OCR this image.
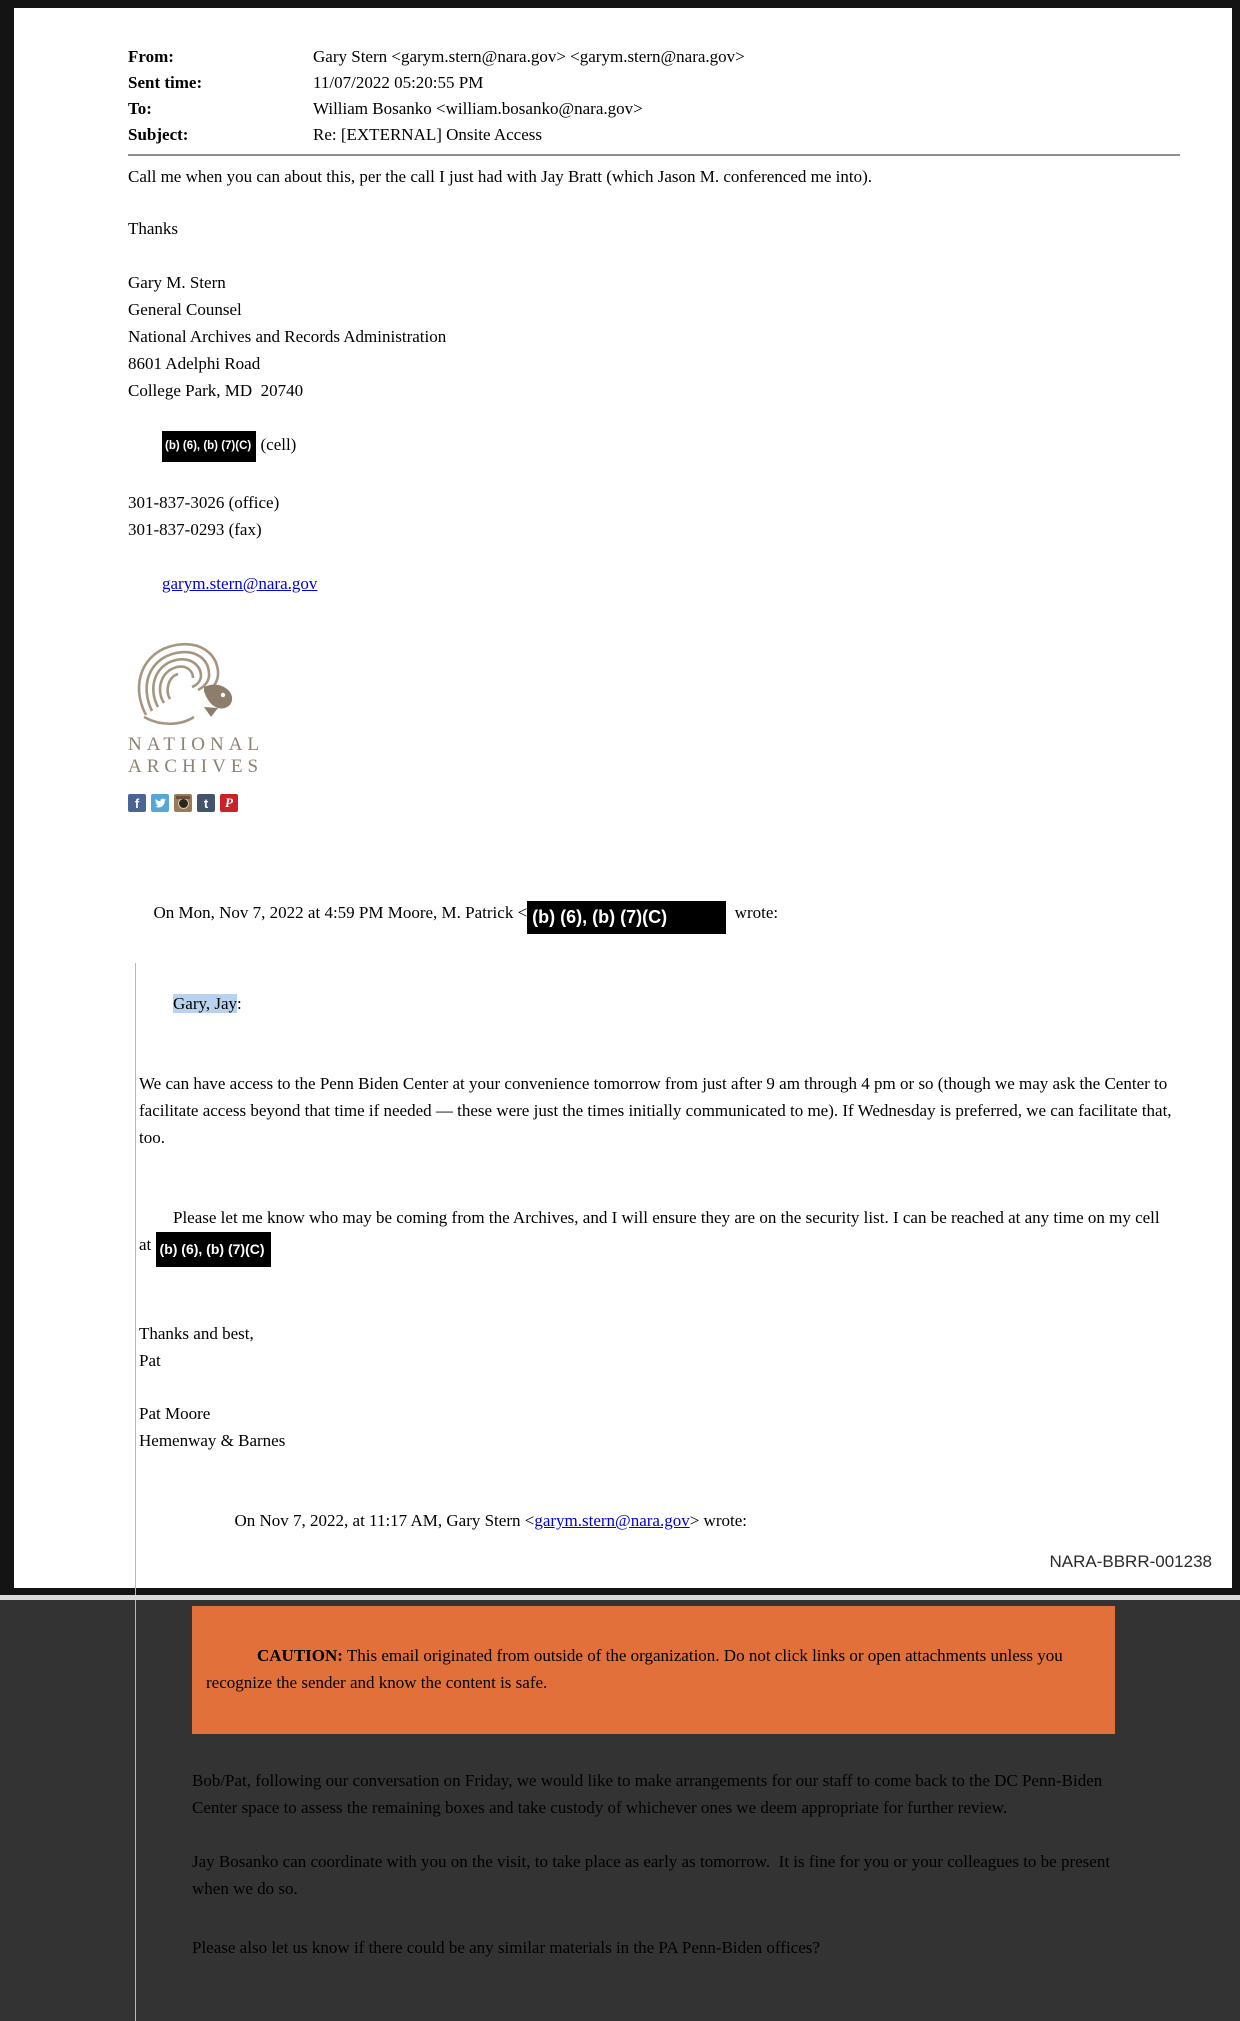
From:	Gary Stern <garym.stern@nara.gov> <garym.stern@nara.gov>
Sent time:	11/07/2022 05:20:55 PM
To:	William Bosanko <william.bosanko@nara.gov>
Subject:	Re: [EXTERNAL] Onsite Access

Call me when you can about this, per the call I just had with Jay Bratt (which Jason M. conferenced me into).

Thanks

Gary M. Stern
General Counsel
National Archives and Records Administration
8601 Adelphi Road
College Park, MD  20740

(b) (6), (b) (7)(C) (cell)

301-837-3026 (office)
301-837-0293 (fax)

garym.stern@nara.gov

NATIONAL
ARCHIVES
f	t	P

On Mon, Nov 7, 2022 at 4:59 PM Moore, M. Patrick < (b) (6), (b) (7)(C)	wrote:

Gary, Jay:

We can have access to the Penn Biden Center at your convenience tomorrow from just after 9 am through 4 pm or so (though we may ask the Center to facilitate access beyond that time if needed — these were just the times initially communicated to me). If Wednesday is preferred, we can facilitate that, too.

Please let me know who may be coming from the Archives, and I will ensure they are on the security list. I can be reached at any time on my cell at (b) (6), (b) (7)(C)

Thanks and best,

Pat

Pat Moore

Hemenway & Barnes

On Nov 7, 2022, at 11:17 AM, Gary Stern <garym.stern@nara.gov> wrote:

CAUTION: This email originated from outside of the organization. Do not click links or open attachments unless you recognize the sender and know the content is safe.

Bob/Pat, following our conversation on Friday, we would like to make arrangements for our staff to come back to the DC Penn-Biden Center space to assess the remaining boxes and take custody of whichever ones we deem appropriate for further review.

Jay Bosanko can coordinate with you on the visit, to take place as early as tomorrow.  It is fine for you or your colleagues to be present when we do so.

Please also let us know if there could be any similar materials in the PA Penn-Biden offices?

NARA-BBRR-001238
